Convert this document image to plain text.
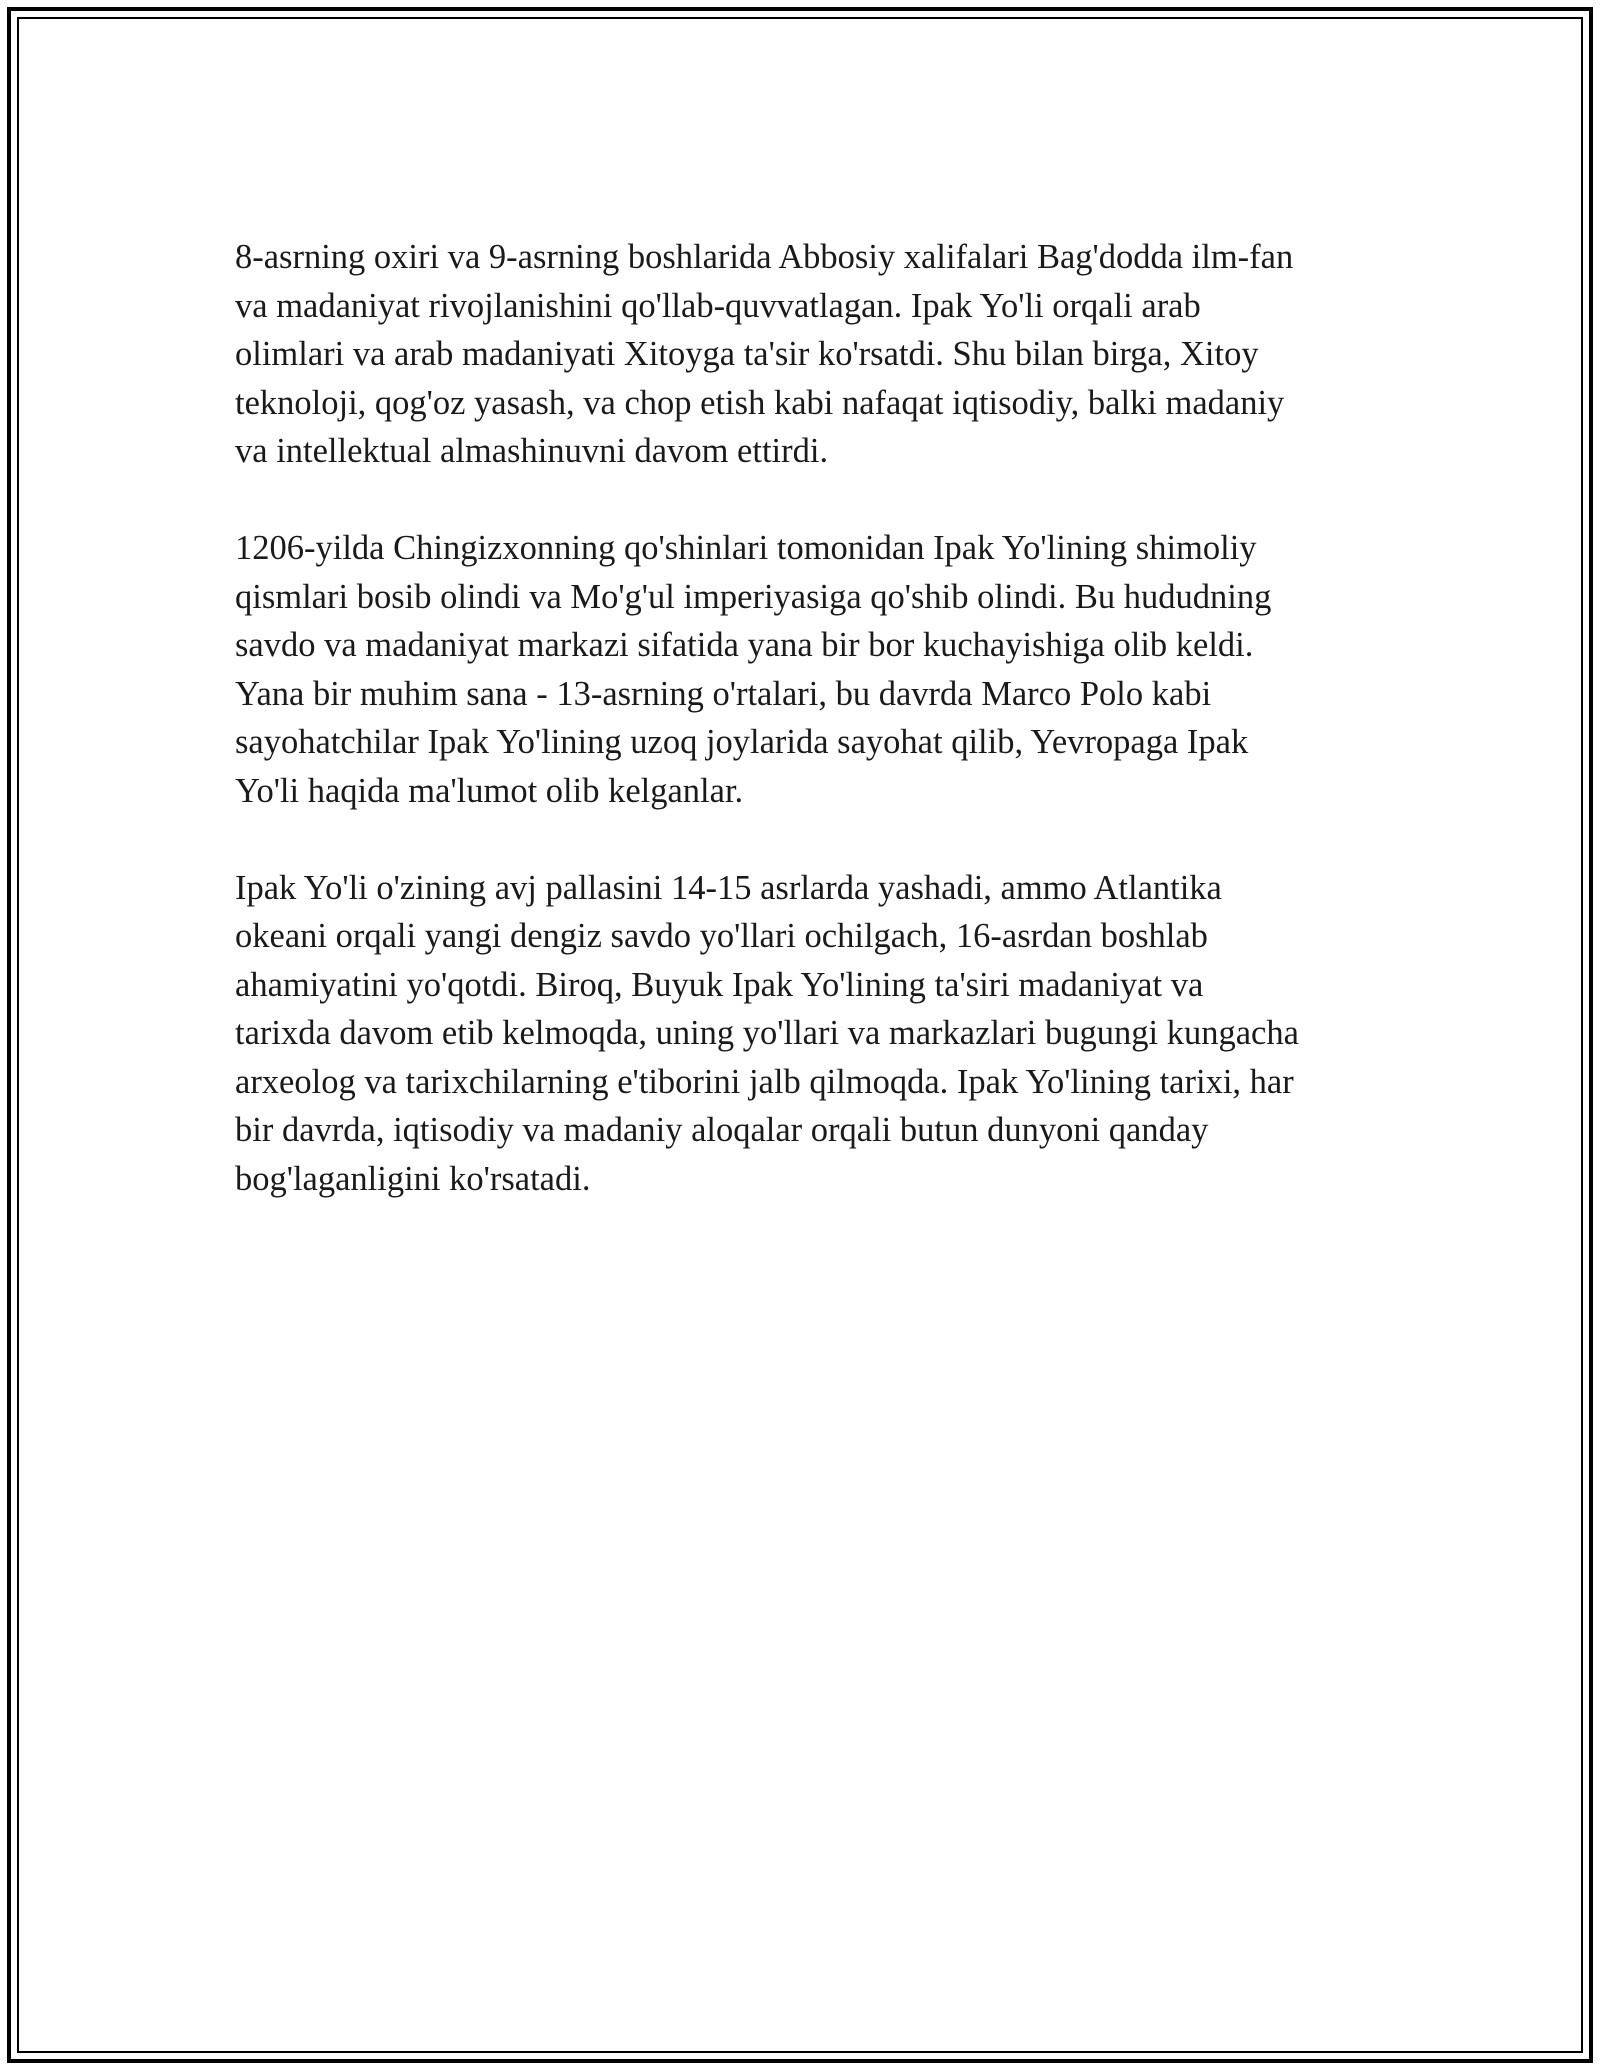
8-asrning oxiri va 9-asrning boshlarida Abbosiy xalifalari Bag'dodda ilm-fan
va madaniyat rivojlanishini qo'llab-quvvatlagan. Ipak Yo'li orqali arab
olimlari va arab madaniyati Xitoyga ta'sir ko'rsatdi. Shu bilan birga, Xitoy
teknoloji, qog'oz yasash, va chop etish kabi nafaqat iqtisodiy, balki madaniy
va intellektual almashinuvni davom ettirdi.
1206-yilda Chingizxonning qo'shinlari tomonidan Ipak Yo'lining shimoliy
qismlari bosib olindi va Mo'g'ul imperiyasiga qo'shib olindi. Bu hududning
savdo va madaniyat markazi sifatida yana bir bor kuchayishiga olib keldi.
Yana bir muhim sana - 13-asrning o'rtalari, bu davrda Marco Polo kabi
sayohatchilar Ipak Yo'lining uzoq joylarida sayohat qilib, Yevropaga Ipak
Yo'li haqida ma'lumot olib kelganlar.
Ipak Yo'li o'zining avj pallasini 14-15 asrlarda yashadi, ammo Atlantika
okeani orqali yangi dengiz savdo yo'llari ochilgach, 16-asrdan boshlab
ahamiyatini yo'qotdi. Biroq, Buyuk Ipak Yo'lining ta'siri madaniyat va
tarixda davom etib kelmoqda, uning yo'llari va markazlari bugungi kungacha
arxeolog va tarixchilarning e'tiborini jalb qilmoqda. Ipak Yo'lining tarixi, har
bir davrda, iqtisodiy va madaniy aloqalar orqali butun dunyoni qanday
bog'laganligini ko'rsatadi.
